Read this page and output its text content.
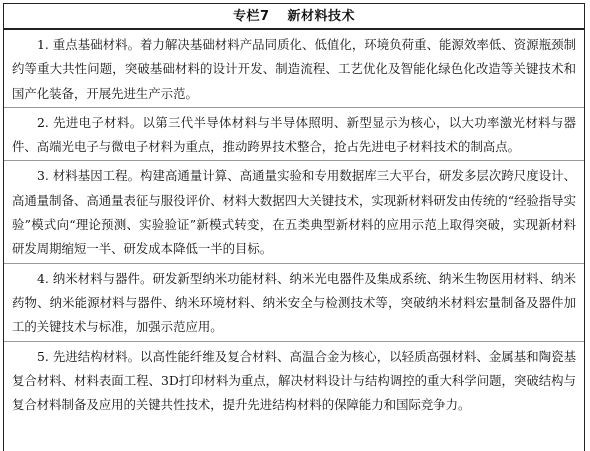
专栏7 新材料技术
1. 重点基础材料。着力解决基础材料产品同质化、低值化，环境负荷重、能源效率低、资源瓶颈制约等重大共性问题，突破基础材料的设计开发、制造流程、工艺优化及智能化绿色化改造等关键技术和国产化装备，开展先进生产示范。
2. 先进电子材料。以第三代半导体材料与半导体照明、新型显示为核心，以大功率激光材料与器件、高端光电子与微电子材料为重点，推动跨界技术整合，抢占先进电子材料技术的制高点。
3. 材料基因工程。构建高通量计算、高通量实验和专用数据库三大平台，研发多层次跨尺度设计、高通量制备、高通量表征与服役评价、材料大数据四大关键技术，实现新材料研发由传统的“经验指导实验”模式向“理论预测、实验验证”新模式转变，在五类典型新材料的应用示范上取得突破，实现新材料研发周期缩短一半、研发成本降低一半的目标。
4. 纳米材料与器件。研发新型纳米功能材料、纳米光电器件及集成系统、纳米生物医用材料、纳米药物、纳米能源材料与器件、纳米环境材料、纳米安全与检测技术等，突破纳米材料宏量制备及器件加工的关键技术与标准，加强示范应用。
5. 先进结构材料。以高性能纤维及复合材料、高温合金为核心，以轻质高强材料、金属基和陶瓷基复合材料、材料表面工程、3D打印材料为重点，解决材料设计与结构调控的重大科学问题，突破结构与复合材料制备及应用的关键共性技术，提升先进结构材料的保障能力和国际竞争力。
